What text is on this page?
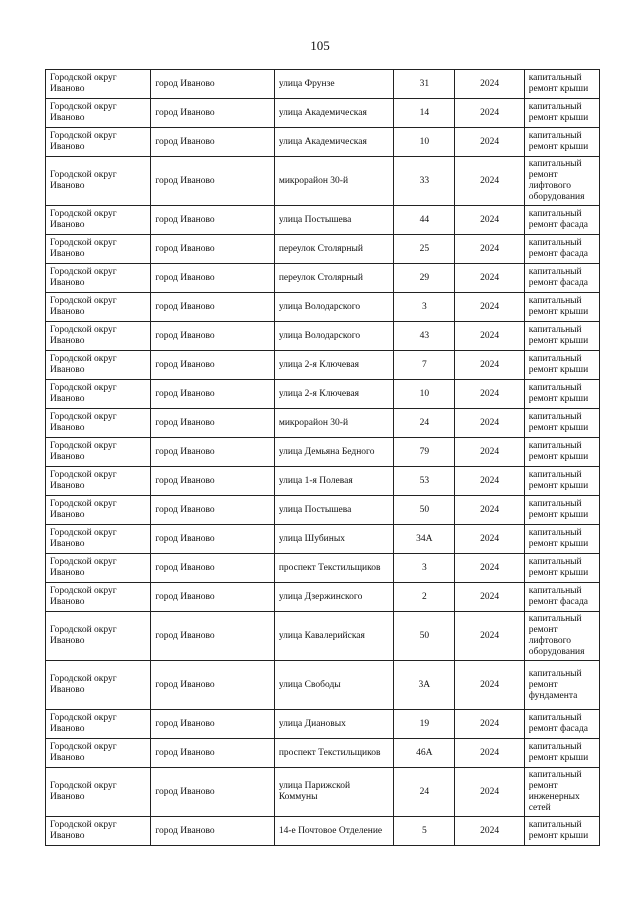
105
Городской округ Иваново	город Иваново	улица Фрунзе	31	2024	капитальный ремонт крыши
Городской округ Иваново	город Иваново	улица Академическая	14	2024	капитальный ремонт крыши
Городской округ Иваново	город Иваново	улица Академическая	10	2024	капитальный ремонт крыши
Городской округ Иваново	город Иваново	микрорайон 30-й	33	2024	капитальный ремонт лифтового оборудования
Городской округ Иваново	город Иваново	улица Постышева	44	2024	капитальный ремонт фасада
Городской округ Иваново	город Иваново	переулок Столярный	25	2024	капитальный ремонт фасада
Городской округ Иваново	город Иваново	переулок Столярный	29	2024	капитальный ремонт фасада
Городской округ Иваново	город Иваново	улица Володарского	3	2024	капитальный ремонт крыши
Городской округ Иваново	город Иваново	улица Володарского	43	2024	капитальный ремонт крыши
Городской округ Иваново	город Иваново	улица 2-я Ключевая	7	2024	капитальный ремонт крыши
Городской округ Иваново	город Иваново	улица 2-я Ключевая	10	2024	капитальный ремонт крыши
Городской округ Иваново	город Иваново	микрорайон 30-й	24	2024	капитальный ремонт крыши
Городской округ Иваново	город Иваново	улица Демьяна Бедного	79	2024	капитальный ремонт крыши
Городской округ Иваново	город Иваново	улица 1-я Полевая	53	2024	капитальный ремонт крыши
Городской округ Иваново	город Иваново	улица Постышева	50	2024	капитальный ремонт крыши
Городской округ Иваново	город Иваново	улица Шубиных	34А	2024	капитальный ремонт крыши
Городской округ Иваново	город Иваново	проспект Текстильщиков	3	2024	капитальный ремонт крыши
Городской округ Иваново	город Иваново	улица Дзержинского	2	2024	капитальный ремонт фасада
Городской округ Иваново	город Иваново	улица Кавалерийская	50	2024	капитальный ремонт лифтового оборудования
Городской округ Иваново	город Иваново	улица Свободы	3А	2024	капитальный ремонт фундамента
Городской округ Иваново	город Иваново	улица Диановых	19	2024	капитальный ремонт фасада
Городской округ Иваново	город Иваново	проспект Текстильщиков	46А	2024	капитальный ремонт крыши
Городской округ Иваново	город Иваново	улица Парижской Коммуны	24	2024	капитальный ремонт инженерных сетей
Городской округ Иваново	город Иваново	14-е Почтовое Отделение	5	2024	капитальный ремонт крыши
